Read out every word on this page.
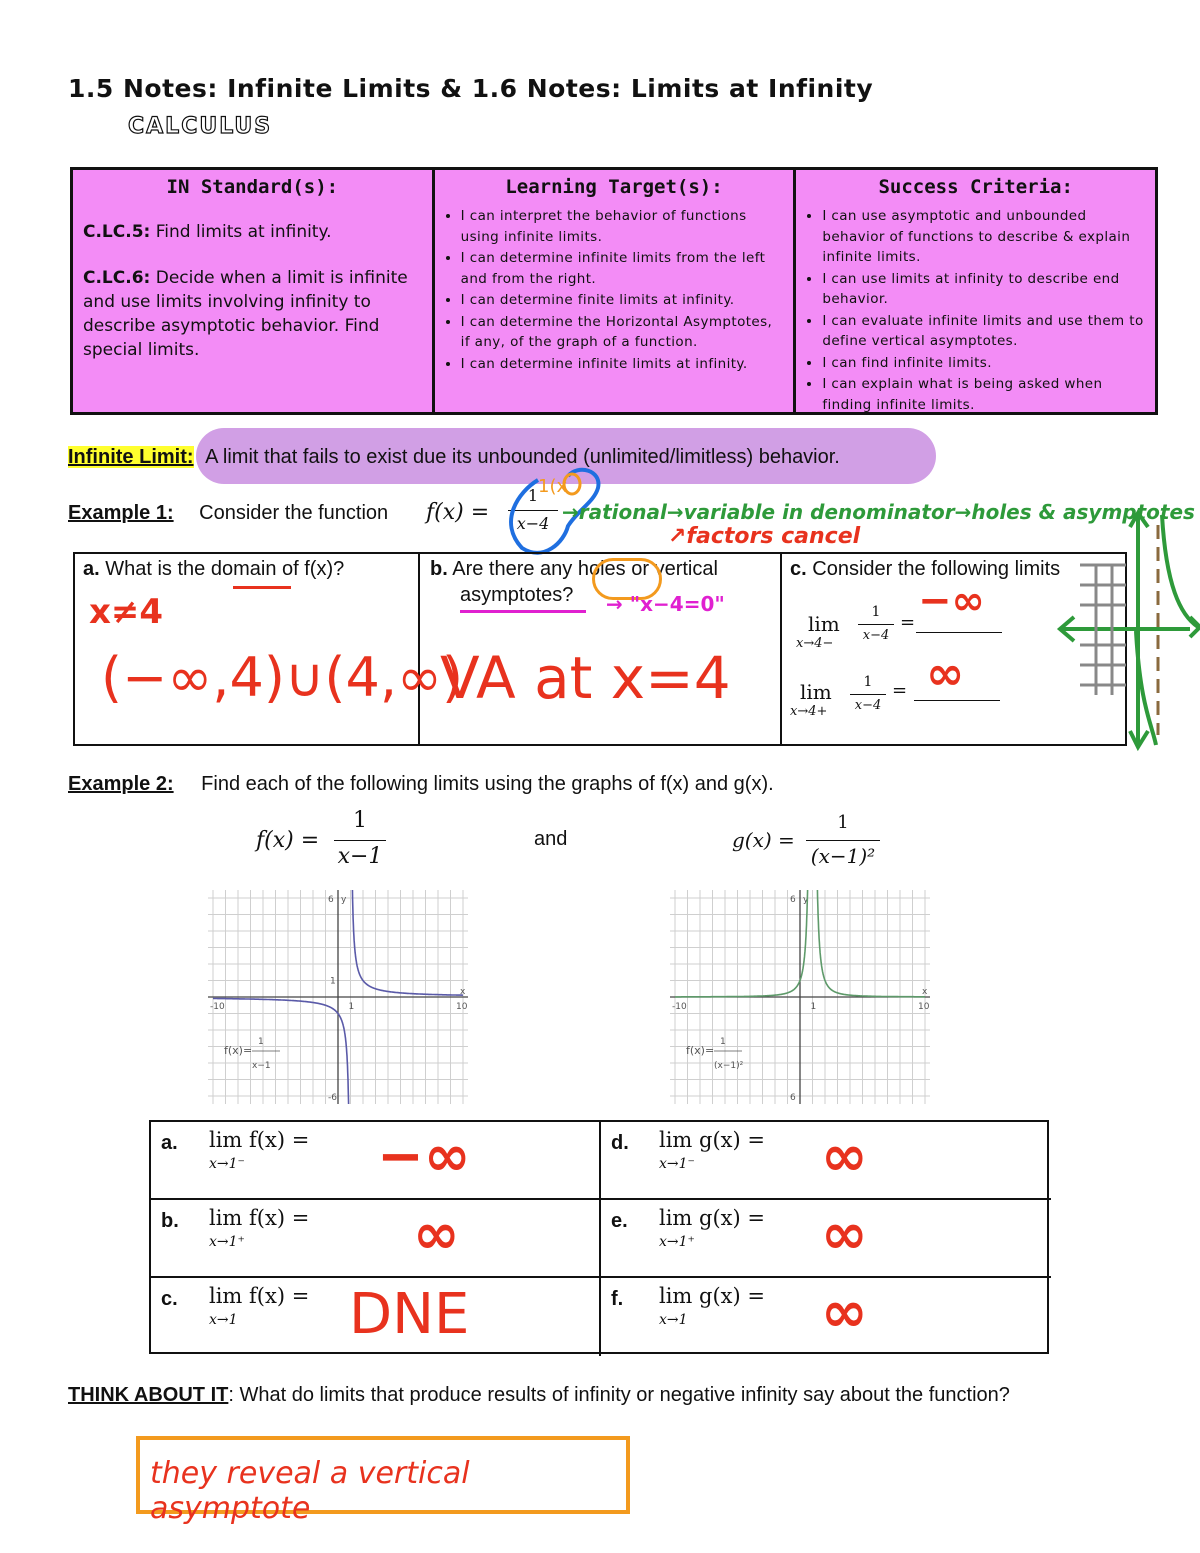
1.5 Notes: Infinite Limits & 1.6 Notes: Limits at Infinity
CALCULUS
IN Standard(s):

C.LC.5: Find limits at infinity.

C.LC.6: Decide when a limit is infinite and use limits involving infinity to describe asymptotic behavior. Find special limits.

Learning Target(s):
• I can interpret the behavior of functions using infinite limits.
• I can determine infinite limits from the left and from the right.
• I can determine finite limits at infinity.
• I can determine the Horizontal Asymptotes, if any, of the graph of a function.
• I can determine infinite limits at infinity.
Success Criteria:
• I can use asymptotic and unbounded behavior of functions to describe & explain infinite limits.
• I can use limits at infinity to describe end behavior.
• I can evaluate infinite limits and use them to define vertical asymptotes.
• I can find infinite limits.
• I can explain what is being asked when finding infinite limits.
Infinite Limit: A limit that fails to exist due its unbounded (unlimited/limitless) behavior.
Example 1: Consider the function f(x) =
1
x−4
1(x
→rational→variable in denominator→holes & asymptotes
↗factors cancel
a. What is the domain of f(x)?
x≠4
(−∞,4)∪(4,∞)
b. Are there any holes or vertical
asymptotes? → "x−4=0"
VA at x=4
c. Consider the following limits
lim
x→4−
1
x−4
= −∞
lim
x→4+
1
x−4
= ∞
Example 2: Find each of the following limits using the graphs of f(x) and g(x).
f(x) =
1
x−1
and	g(x) =
1
(x−1)²
6 y
-10	10
x
1
1
-6
f(x)=
1
x−1
6 y
-10	10
x
1
6
f(x)=
1
(x−1)²
a. lim f(x) =
x→1⁻ −∞	d. lim g(x) =
x→1⁻ ∞
b. lim f(x) =
x→1⁺	∞	e. lim g(x) =
x→1⁺ ∞
c. lim f(x) =
x→1 DNE	f. lim g(x) =
x→1 ∞
THINK ABOUT IT: What do limits that produce results of infinity or negative infinity say about the function?
they reveal a vertical asymptote
